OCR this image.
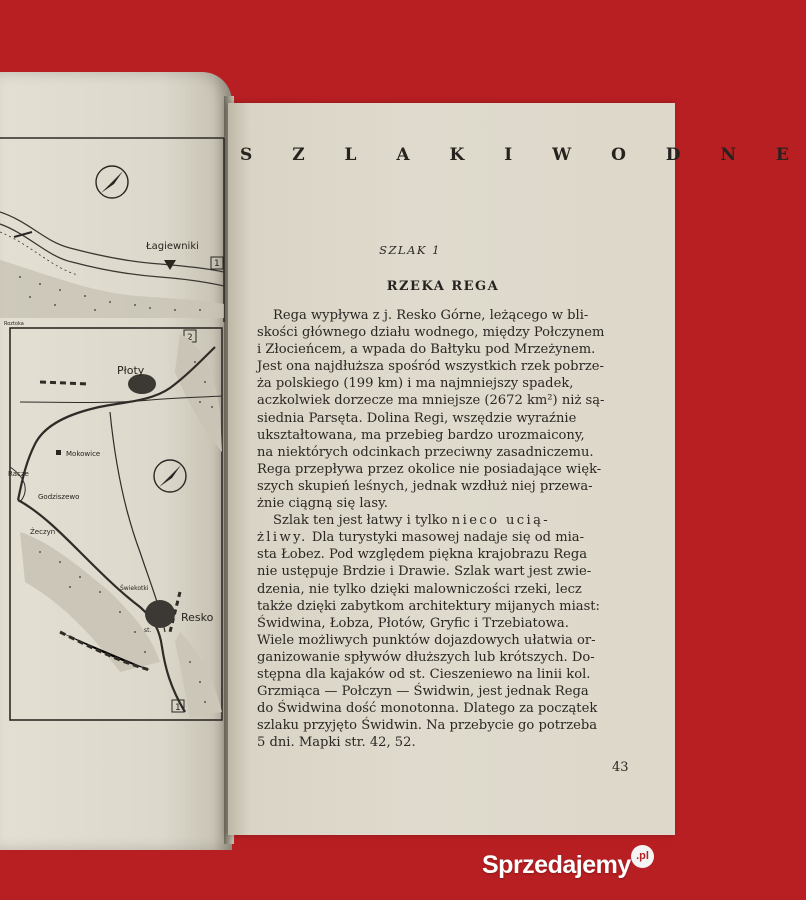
Łagiewniki
1
Roztoka
2
Płoty
Mokowice
Racze
Godziszewo
Żeczyn
Świekotki
Resko
st.
1
S Z L A K I W O D N E
SZLAK 1
RZEKA REGA
Rega wypływa z j. Resko Górne, leżącego w bli-
skości głównego działu wodnego, między Połczynem
i Złocieńcem, a wpada do Bałtyku pod Mrzeżynem.
Jest ona najdłuższa spośród wszystkich rzek pobrze-
ża polskiego (199 km) i ma najmniejszy spadek,
aczkolwiek dorzecze ma mniejsze (2672 km²) niż są-
siednia Parsęta. Dolina Regi, wszędzie wyraźnie
ukształtowana, ma przebieg bardzo urozmaicony,
na niektórych odcinkach przeciwny zasadniczemu.
Rega przepływa przez okolice nie posiadające więk-
szych skupień leśnych, jednak wzdłuż niej przewa-
żnie ciągną się lasy.
Szlak ten jest łatwy i tylko nieco ucią-
żliwy. Dla turystyki masowej nadaje się od mia-
sta Łobez. Pod względem piękna krajobrazu Rega
nie ustępuje Brdzie i Drawie. Szlak wart jest zwie-
dzenia, nie tylko dzięki malowniczości rzeki, lecz
także dzięki zabytkom architektury mijanych miast:
Świdwina, Łobza, Płotów, Gryfic i Trzebiatowa.
Wiele możliwych punktów dojazdowych ułatwia or-
ganizowanie spływów dłuższych lub krótszych. Do-
stępna dla kajaków od st. Cieszeniewo na linii kol.
Grzmiąca — Połczyn — Świdwin, jest jednak Rega
do Świdwina dość monotonna. Dlatego za początek
szlaku przyjęto Świdwin. Na przebycie go potrzeba
5 dni. Mapki str. 42, 52.
43
Sprzedajemy .pl
